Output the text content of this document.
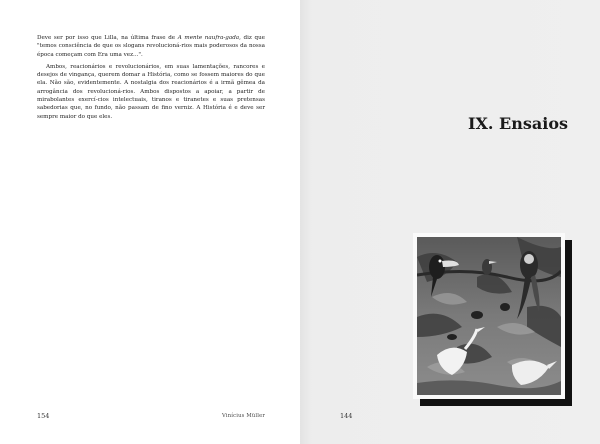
Deve ser por isso que Lilla, na última frase de A mente naufra-gada, diz que "temos consciência de que os slogans revolucioná-rios mais poderosos da nossa época começam com Era uma vez...".

Ambos, reacionários e revolucionários, em suas lamentações, rancores e desejos de vingança, querem domar a História, como se fossem maiores do que ela. Não são, evidentemente. A nostalgia dos reacionários é a irmã gêmea da arrogância dos revolucioná-rios. Ambos dispostos a apoiar, a partir de mirabolantes exercí-cios intelectuais, tiranos e tiranetes e suas pretensas sabedorias que, no fundo, não passam de fino verniz. A História é e deve ser sempre maior do que eles.

154	Vinícius Müller
IX. Ensaios
144
